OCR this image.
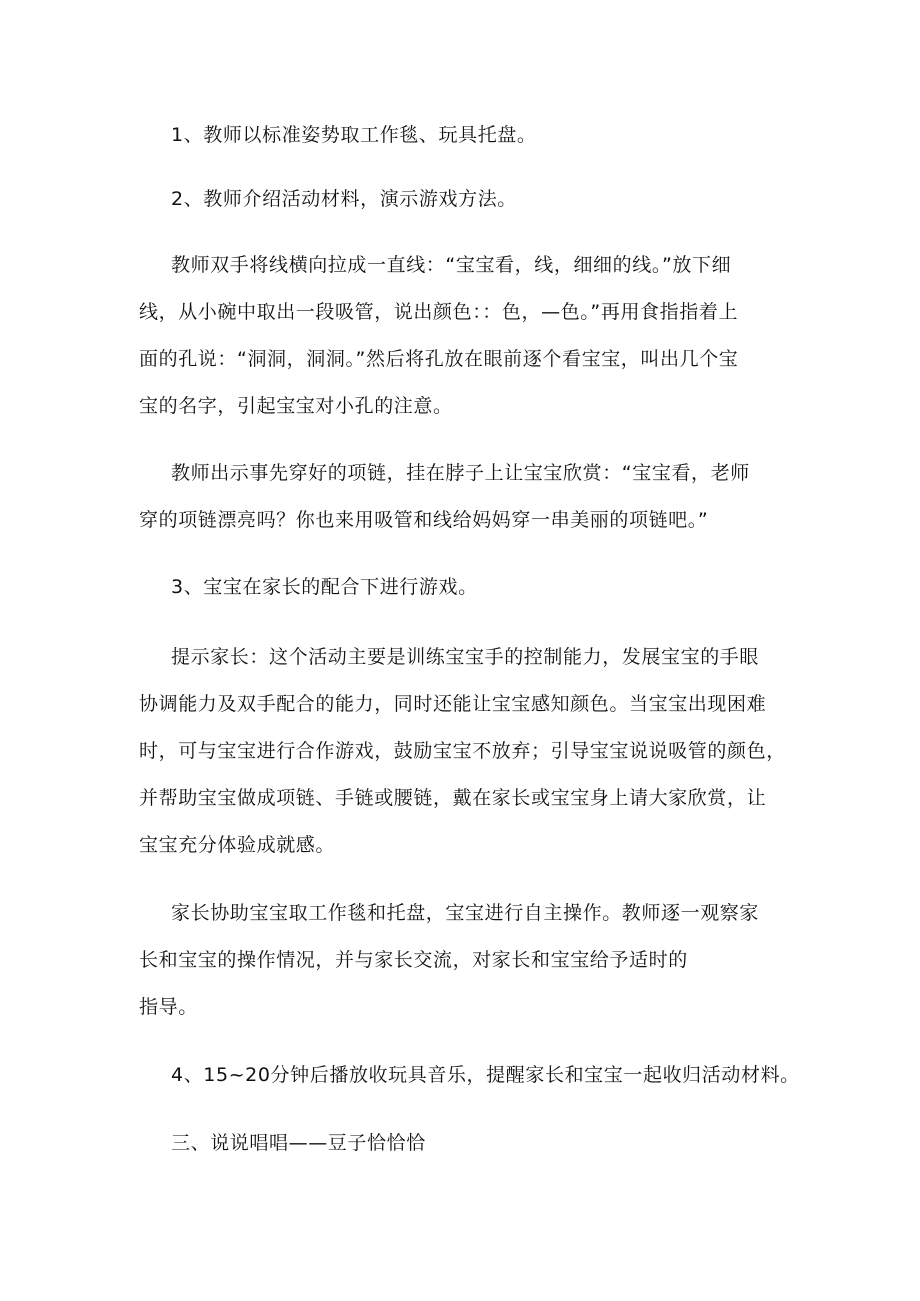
1、教师以标准姿势取工作毯、玩具托盘。

2、教师介绍活动材料，演示游戏方法。

教师双手将线横向拉成一直线：“宝宝看，线，细细的线。”放下细
线，从小碗中取出一段吸管，说出颜色：：色，—色。”再用食指指着上
面的孔说：“洞洞，洞洞。”然后将孔放在眼前逐个看宝宝，叫出几个宝
宝的名字，引起宝宝对小孔的注意。

教师出示事先穿好的项链，挂在脖子上让宝宝欣赏：“宝宝看，老师
穿的项链漂亮吗？你也来用吸管和线给妈妈穿一串美丽的项链吧。”

3、宝宝在家长的配合下进行游戏。

提示家长：这个活动主要是训练宝宝手的控制能力，发展宝宝的手眼
协调能力及双手配合的能力，同时还能让宝宝感知颜色。当宝宝出现困难
时，可与宝宝进行合作游戏，鼓励宝宝不放弃；引导宝宝说说吸管的颜色，
并帮助宝宝做成项链、手链或腰链，戴在家长或宝宝身上请大家欣赏，让
宝宝充分体验成就感。

家长协助宝宝取工作毯和托盘，宝宝进行自主操作。教师逐一观察家
长和宝宝的操作情况，并与家长交流，对家长和宝宝给予适时的
指导。

4、15~20分钟后播放收玩具音乐，提醒家长和宝宝一起收归活动材料。

三、说说唱唱——豆子恰恰恰
